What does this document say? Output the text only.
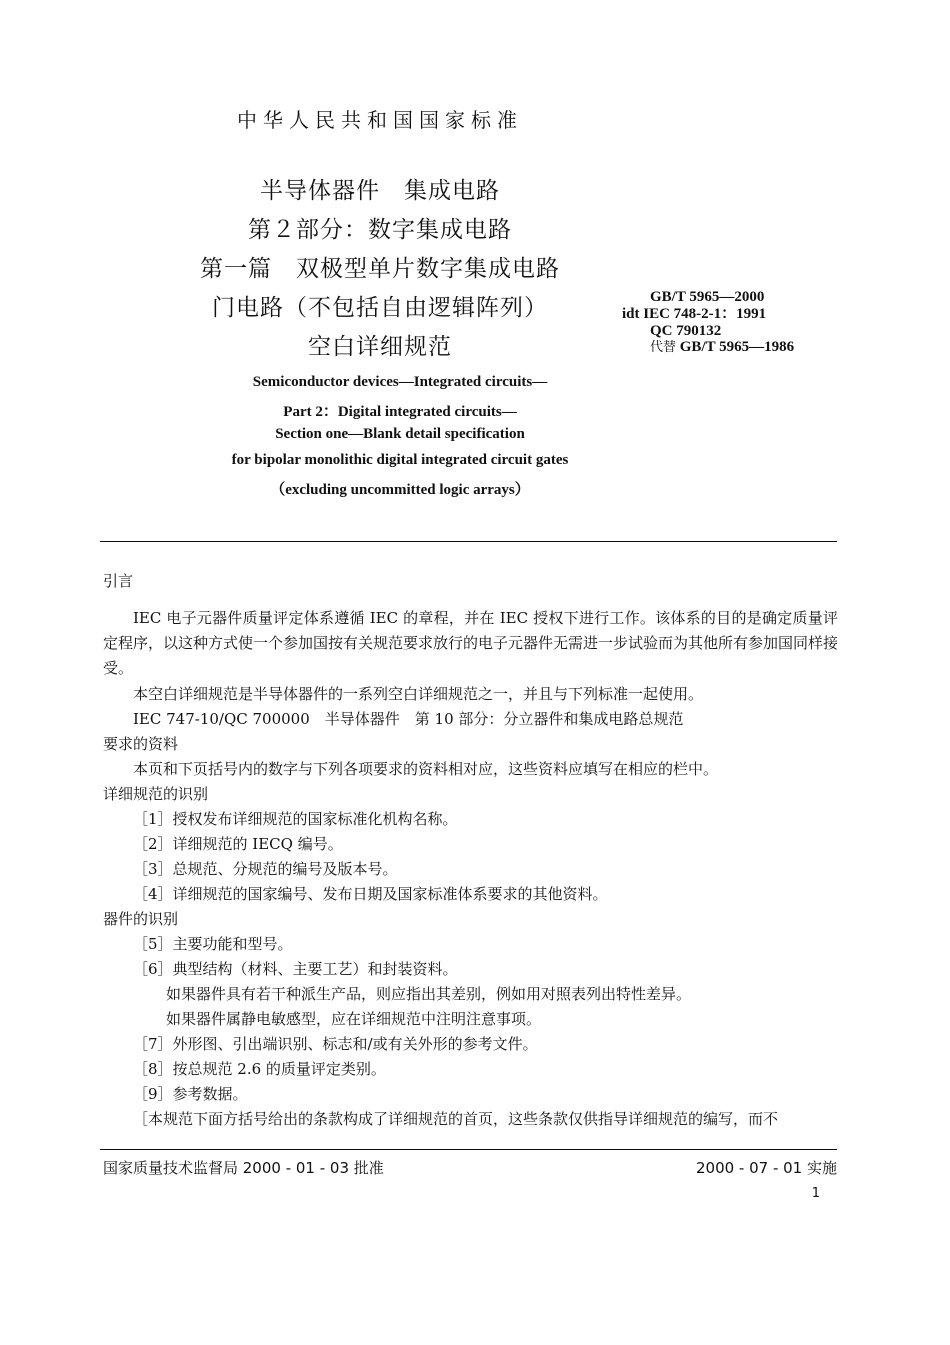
中华人民共和国国家标准
半导体器件　集成电路
第２部分：数字集成电路
第一篇　双极型单片数字集成电路
门电路（不包括自由逻辑阵列）
空白详细规范
GB/T 5965—2000
idt IEC 748-2-1：1991
QC 790132
代替 GB/T 5965—1986
Semiconductor devices—Integrated circuits—
Part 2：Digital integrated circuits—
Section one—Blank detail specification
for bipolar monolithic digital integrated circuit gates
（excluding uncommitted logic arrays）
引言
IEC 电子元器件质量评定体系遵循 IEC 的章程，并在 IEC 授权下进行工作。该体系的目的是确定质量评定程序，以这种方式使一个参加国按有关规范要求放行的电子元器件无需进一步试验而为其他所有参加国同样接受。
本空白详细规范是半导体器件的一系列空白详细规范之一，并且与下列标准一起使用。
IEC 747-10/QC 700000　半导体器件　第 10 部分：分立器件和集成电路总规范
要求的资料
本页和下页括号内的数字与下列各项要求的资料相对应，这些资料应填写在相应的栏中。
详细规范的识别
［1］授权发布详细规范的国家标准化机构名称。
［2］详细规范的 IECQ 编号。
［3］总规范、分规范的编号及版本号。
［4］详细规范的国家编号、发布日期及国家标准体系要求的其他资料。
器件的识别
［5］主要功能和型号。
［6］典型结构（材料、主要工艺）和封装资料。
如果器件具有若干种派生产品，则应指出其差别，例如用对照表列出特性差异。
如果器件属静电敏感型，应在详细规范中注明注意事项。
［7］外形图、引出端识别、标志和/或有关外形的参考文件。
［8］按总规范 2.6 的质量评定类别。
［9］参考数据。
［本规范下面方括号给出的条款构成了详细规范的首页，这些条款仅供指导详细规范的编写，而不
国家质量技术监督局 2000 - 01 - 03 批准	2000 - 07 - 01 实施
1
